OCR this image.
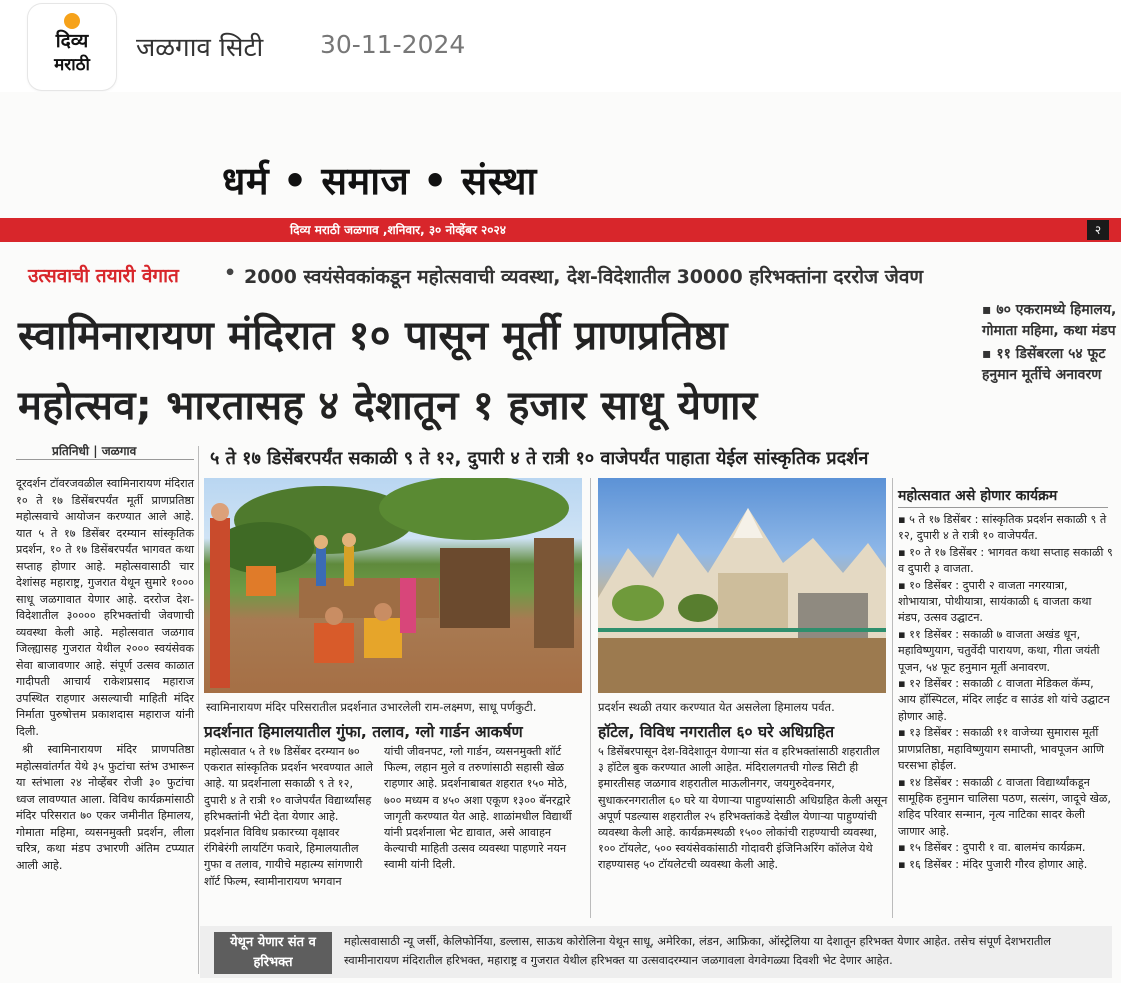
दिव्य
मराठी
जळगाव सिटी 30-11-2024
धर्म • समाज • संस्था
दिव्य मराठी जळगाव ,शनिवार, ३० नोव्हेंबर २०२४	२
उत्सवाची तयारी वेगात • 2000 स्वयंसेवकांकडून महोत्सवाची व्यवस्था, देश-विदेशातील 30000 हरिभक्तांना दररोज जेवण
स्वामिनारायण मंदिरात १० पासून मूर्ती प्राणप्रतिष्ठा
महोत्सव; भारतासह ४ देशातून १ हजार साधू येणार
▪ ७० एकरामध्ये हिमालय, गोमाता महिमा, कथा मंडप
▪ ११ डिसेंबरला ५४ फूट हनुमान मूर्तीचे अनावरण
प्रतिनिधी | जळगाव	५ ते १७ डिसेंबरपर्यंत सकाळी ९ ते १२, दुपारी ४ ते रात्री १० वाजेपर्यंत पाहाता येईल सांस्कृतिक प्रदर्शन

दूरदर्शन टॉवरजवळील स्वामिनारायण मंदिरात १० ते १७ डिसेंबरपर्यंत मूर्ती प्राणप्रतिष्ठा महोत्सवाचे आयोजन करण्यात आले आहे. यात ५ ते १७ डिसेंबर दरम्यान सांस्कृतिक प्रदर्शन, १० ते १७ डिसेंबरपर्यंत भागवत कथा सप्ताह होणार आहे. महोत्सवासाठी चार देशांसह महाराष्ट्र, गुजरात येथून सुमारे १००० साधू जळगावात येणार आहे. दररोज देश-विदेशातील ३०००० हरिभक्तांची जेवणाची व्यवस्था केली आहे. महोत्सवात जळगाव जिल्ह्यासह गुजरात येथील २००० स्वयंसेवक सेवा बाजावणार आहे. संपूर्ण उत्सव काळात गादीपती आचार्य राकेशप्रसाद महाराज उपस्थित राहणार असल्याची माहिती मंदिर निर्माता पुरुषोत्तम प्रकाशदास महाराज यांनी दिली.

श्री स्वामिनारायण मंदिर प्राणपतिष्ठा महोत्सवांतर्गत येथे ३५ फुटांचा स्तंभ उभारून या स्तंभाला २४ नोव्हेंबर रोजी ३० फुटांचा ध्वज लावण्यात आला. विविध कार्यक्रमांसाठी मंदिर परिसरात ७० एकर जमीनीत हिमालय, गोमाता महिमा, व्यसनमुक्ती प्रदर्शन, लीला चरित्र, कथा मंडप उभारणी अंतिम टप्प्यात आली आहे.

स्वामिनारायण मंदिर परिसरातील प्रदर्शनात उभारलेली राम-लक्ष्मण, साधू पर्णकुटी.	प्रदर्शन स्थळी तयार करण्यात येत असलेला हिमालय पर्वत.
प्रदर्शनात हिमालयातील गुंफा, तलाव, ग्लो गार्डन आकर्षण
महोत्सवात ५ ते १७ डिसेंबर दरम्यान ७० एकरात सांस्कृतिक प्रदर्शन भरवण्यात आले आहे. या प्रदर्शनाला सकाळी ९ ते १२, दुपारी ४ ते रात्री १० वाजेपर्यंत विद्यार्थ्यांसह हरिभक्तांनी भेटी देता येणार आहे. प्रदर्शनात विविध प्रकारच्या वृक्षावर रंगिबेरंगी लायटिंग फवारे, हिमालयातील गुफा व तलाव, गायीचे महात्म्य सांगणारी शॉर्ट फिल्म, स्वामीनारायण भगवान
यांची जीवनपट, ग्लो गार्डन, व्यसनमुक्ती शॉर्ट फिल्म, लहान मुले व तरुणांसाठी सहासी खेळ राहणार आहे. प्रदर्शनाबाबत शहरात १५० मोठे, ७०० मध्यम व ४५० अशा एकूण १३०० बॅनरद्वारे जागृती करण्यात येत आहे. शाळांमधील विद्यार्थी यांनी प्रदर्शनाला भेट द्यावात, असे आवाहन केल्याची माहिती उत्सव व्यवस्था पाहणारे नयन स्वामी यांनी दिली.
हॉटेल, विविध नगरातील ६० घरे अधिग्रहित
५ डिसेंबरपासून देश-विदेशातून येणाऱ्या संत व हरिभक्तांसाठी शहरातील ३ हॉटेल बुक करण्यात आली आहेत. मंदिरालगतची गोल्ड सिटी ही इमारतीसह जळगाव शहरातील माऊलीनगर, जयगुरुदेवनगर, सुधाकरनगरातील ६० घरे या येणाऱ्या पाहुण्यांसाठी अधिग्रहित केली असून अपूर्ण पडल्यास शहरातील २५ हरिभक्तांकडे देखील येणाऱ्या पाहुण्यांची व्यवस्था केली आहे. कार्यक्रमस्थळी १५०० लोकांची राहण्याची व्यवस्था, १०० टॉयलेट, ५०० स्वयंसेवकांसाठी गोदावरी इंजिनिअरिंग कॉलेज येथे राहण्यासह ५० टॉयलेटची व्यवस्था केली आहे.
महोत्सवात असे होणार कार्यक्रम
▪ ५ ते १७ डिसेंबर : सांस्कृतिक प्रदर्शन सकाळी ९ ते १२, दुपारी ४ ते रात्री १० वाजेपर्यंत.
▪ १० ते १७ डिसेंबर : भागवत कथा सप्ताह सकाळी ९ व दुपारी ३ वाजता.
▪ १० डिसेंबर : दुपारी २ वाजता नगरयात्रा, शोभायात्रा, पोथीयात्रा, सायंकाळी ६ वाजता कथा मंडप, उत्सव उद्घाटन.
▪ ११ डिसेंबर : सकाळी ७ वाजता अखंड धून, महाविष्णुयाग, चतुर्वेदी पारायण, कथा, गीता जयंती पूजन, ५४ फूट हनुमान मूर्ती अनावरण.
▪ १२ डिसेंबर : सकाळी ८ वाजता मेडिकल कॅम्प, आय हॉस्पिटल, मंदिर लाईट व साउंड शो यांचे उद्घाटन होणार आहे.
▪ १३ डिसेंबर : सकाळी ११ वाजेच्या सुमारास मूर्ती प्राणप्रतिष्ठा, महाविष्णुयाग समाप्ती, भावपूजन आणि घरसभा होईल.
▪ १४ डिसेंबर : सकाळी ८ वाजता विद्यार्थ्यांकडून सामूहिक हनुमान चालिसा पठण, सत्संग, जादूचे खेळ, शहिद परिवार सन्मान, नृत्य नाटिका सादर केली जाणार आहे.
▪ १५ डिसेंबर : दुपारी १ वा. बालमंच कार्यक्रम.
▪ १६ डिसेंबर : मंदिर पुजारी गौरव होणार आहे.
येथून येणार संत व हरिभक्त
महोत्सवासाठी न्यू जर्सी, केलिफोर्निया, डल्लास, साऊथ कोरोलिना येथून साधू, अमेरिका, लंडन, आफ्रिका, ऑस्ट्रेलिया या देशातून हरिभक्त येणार आहेत. तसेच संपूर्ण देशभरातील स्वामीनारायण मंदिरातील हरिभक्त, महाराष्ट्र व गुजरात येथील हरिभक्त या उत्सवादरम्यान जळगावला वेगवेगळ्या दिवशी भेट देणार आहेत.
